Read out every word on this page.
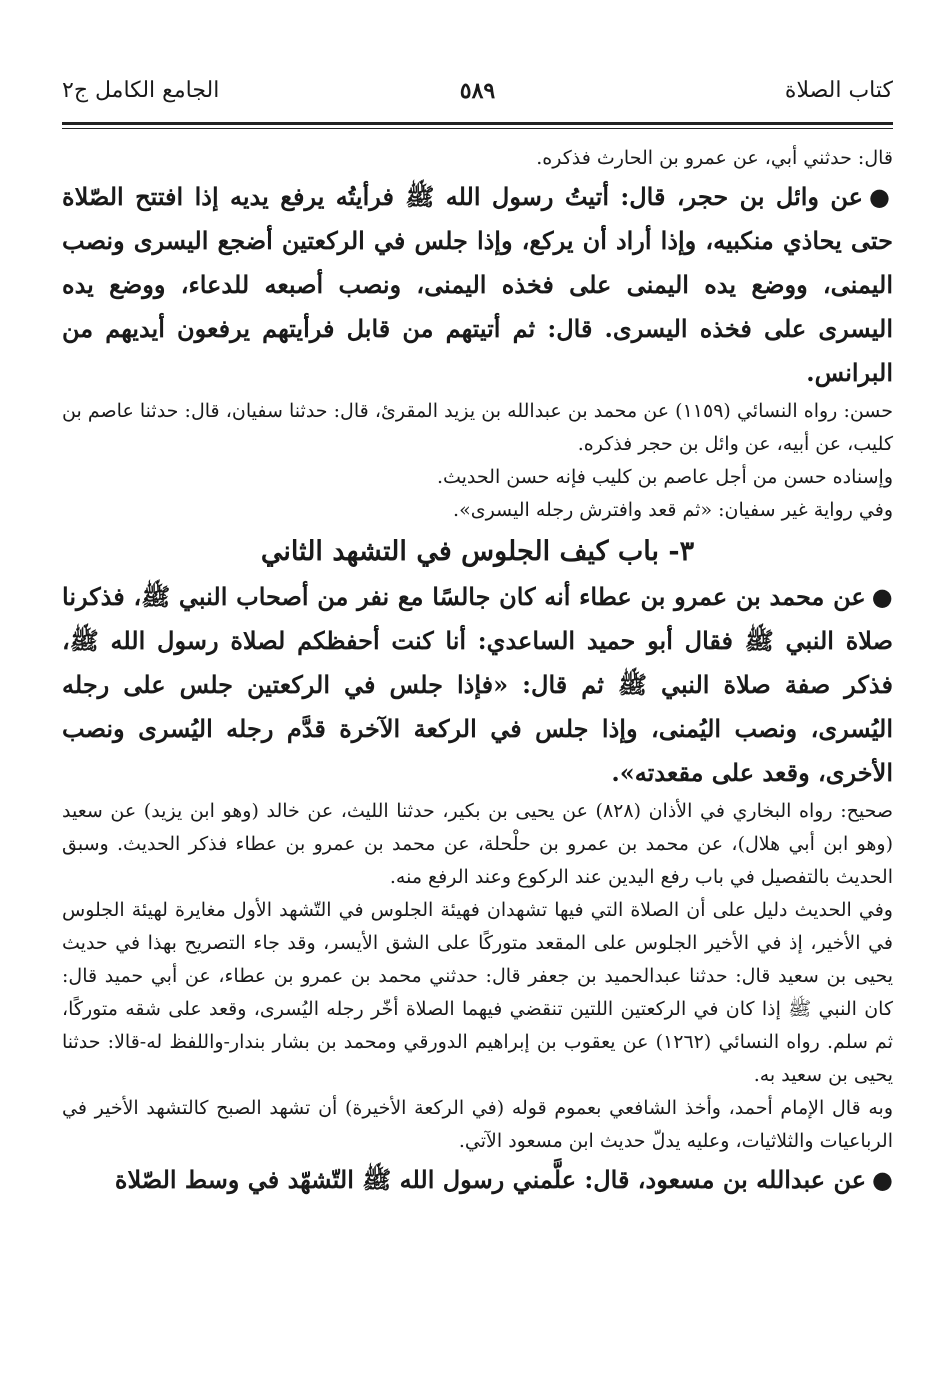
كتاب الصلاة
٥٨٩
الجامع الكامل ج٢

قال: حدثني أبي، عن عمرو بن الحارث فذكره.

●عن وائل بن حجر، قال: أتيتُ رسول الله ﷺ فرأيتُه يرفع يديه إذا افتتح الصّلاة حتى يحاذي منكبيه، وإذا أراد أن يركع، وإذا جلس في الركعتين أضجع اليسرى ونصب اليمنى، ووضع يده اليمنى على فخذه اليمنى، ونصب أصبعه للدعاء، ووضع يده اليسرى على فخذه اليسرى. قال: ثم أتيتهم من قابل فرأيتهم يرفعون أيديهم من البرانس.

حسن: رواه النسائي (١١٥٩) عن محمد بن عبدالله بن يزيد المقرئ، قال: حدثنا سفيان، قال: حدثنا عاصم بن كليب، عن أبيه، عن وائل بن حجر فذكره.

وإسناده حسن من أجل عاصم بن كليب فإنه حسن الحديث.

وفي رواية غير سفيان: «ثم قعد وافترش رجله اليسرى».

٣- باب كيف الجلوس في التشهد الثاني

●عن محمد بن عمرو بن عطاء أنه كان جالسًا مع نفر من أصحاب النبي ﷺ، فذكرنا صلاة النبي ﷺ فقال أبو حميد الساعدي: أنا كنت أحفظكم لصلاة رسول الله ﷺ، فذكر صفة صلاة النبي ﷺ ثم قال: «فإذا جلس في الركعتين جلس على رجله اليُسرى، ونصب اليُمنى، وإذا جلس في الركعة الآخرة قدَّم رجله اليُسرى ونصب الأخرى، وقعد على مقعدته».

صحيح: رواه البخاري في الأذان (٨٢٨) عن يحيى بن بكير، حدثنا الليث، عن خالد (وهو ابن يزيد) عن سعيد (وهو ابن أبي هلال)، عن محمد بن عمرو بن حلْحلة، عن محمد بن عمرو بن عطاء فذكر الحديث. وسبق الحديث بالتفصيل في باب رفع اليدين عند الركوع وعند الرفع منه.

وفي الحديث دليل على أن الصلاة التي فيها تشهدان فهيئة الجلوس في التّشهد الأول مغايرة لهيئة الجلوس في الأخير، إذ في الأخير الجلوس على المقعد متوركًا على الشق الأيسر، وقد جاء التصريح بهذا في حديث يحيى بن سعيد قال: حدثنا عبدالحميد بن جعفر قال: حدثني محمد بن عمرو بن عطاء، عن أبي حميد قال: كان النبي ﷺ إذا كان في الركعتين اللتين تنقضي فيهما الصلاة أخّر رجله اليُسرى، وقعد على شقه متوركًا، ثم سلم. رواه النسائي (١٢٦٢) عن يعقوب بن إبراهيم الدورقي ومحمد بن بشار بندار-واللفظ له-قالا: حدثنا يحيى بن سعيد به.

وبه قال الإمام أحمد، وأخذ الشافعي بعموم قوله (في الركعة الأخيرة) أن تشهد الصبح كالتشهد الأخير في الرباعيات والثلاثيات، وعليه يدلّ حديث ابن مسعود الآتي.

●عن عبدالله بن مسعود، قال: علَّمني رسول الله ﷺ التّشهّد في وسط الصّلاة
